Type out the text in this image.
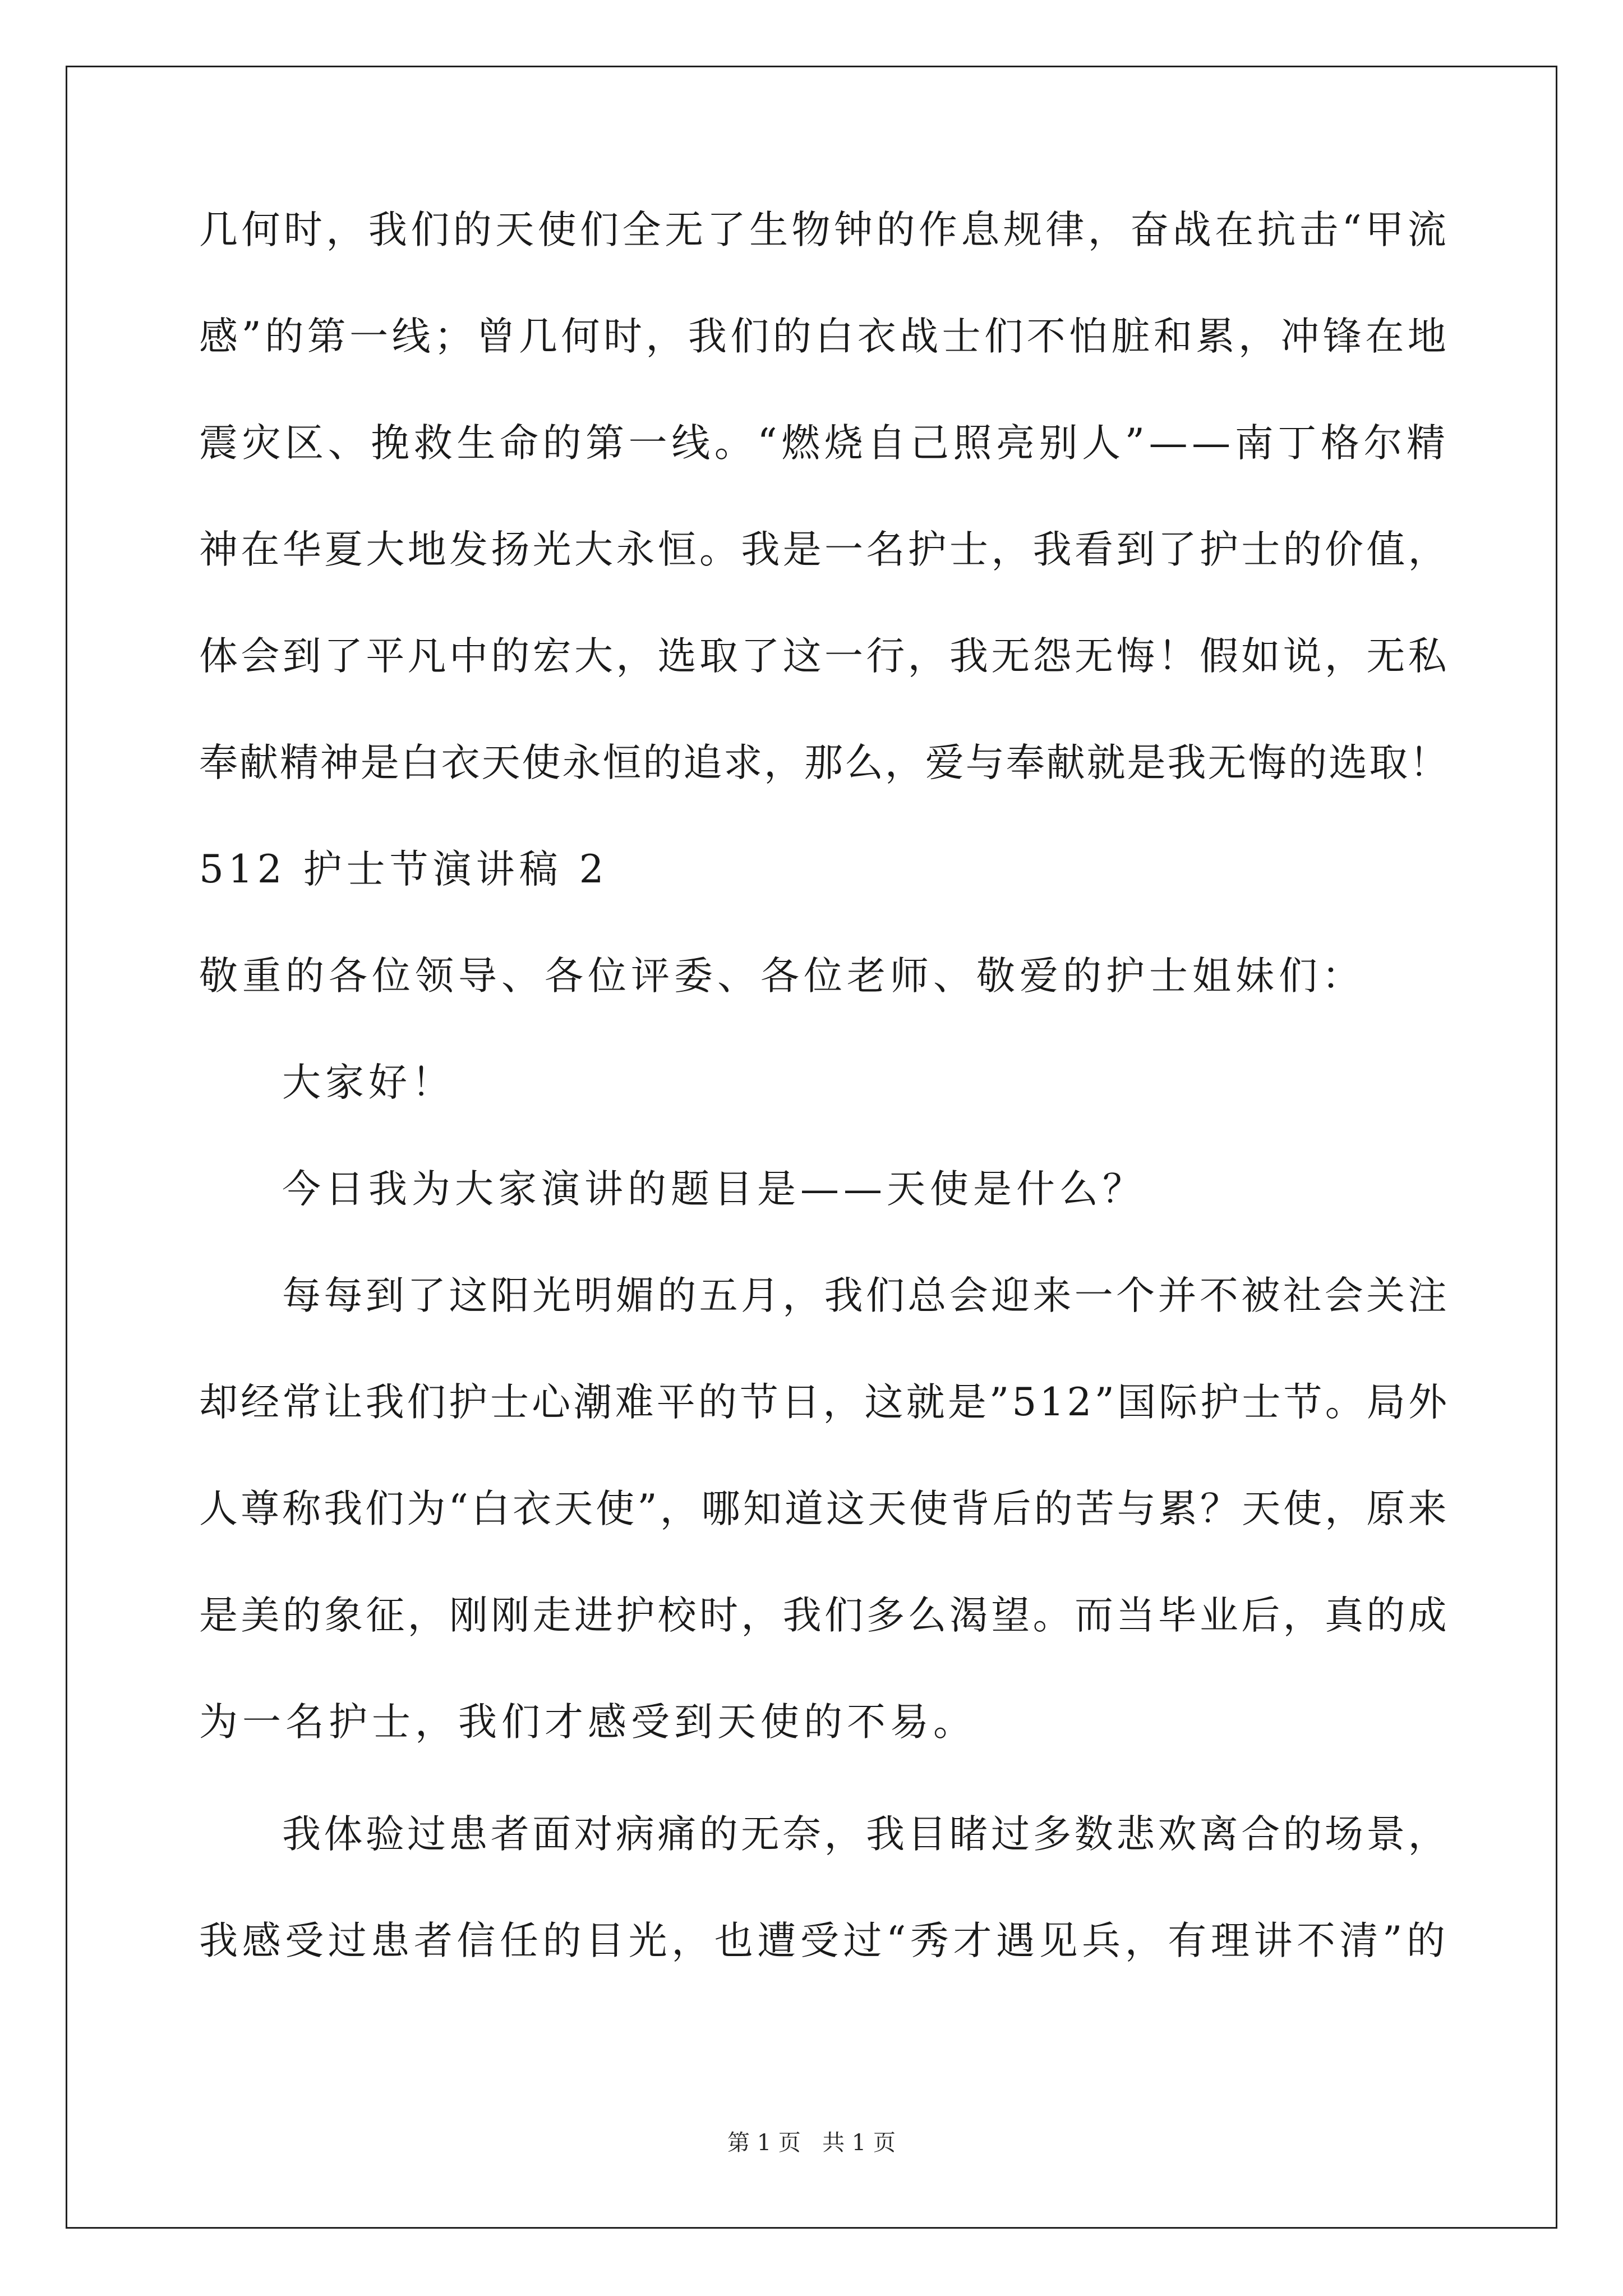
几何时，我们的天使们全无了生物钟的作息规律，奋战在抗击“甲流
感”的第一线；曾几何时，我们的白衣战士们不怕脏和累，冲锋在地
震灾区、挽救生命的第一线。“燃烧自己照亮别人”——南丁格尔精
神在华夏大地发扬光大永恒。我是一名护士，我看到了护士的价值，
体会到了平凡中的宏大，选取了这一行，我无怨无悔！假如说，无私
奉献精神是白衣天使永恒的追求，那么，爱与奉献就是我无悔的选取！
512 护士节演讲稿 2
敬重的各位领导、各位评委、各位老师、敬爱的护士姐妹们：
大家好！
今日我为大家演讲的题目是——天使是什么？
每每到了这阳光明媚的五月，我们总会迎来一个并不被社会关注
却经常让我们护士心潮难平的节日，这就是”512”国际护士节。局外
人尊称我们为“白衣天使”，哪知道这天使背后的苦与累？天使，原来
是美的象征，刚刚走进护校时，我们多么渴望。而当毕业后，真的成
为一名护士，我们才感受到天使的不易。
我体验过患者面对病痛的无奈，我目睹过多数悲欢离合的场景，
我感受过患者信任的目光，也遭受过“秀才遇见兵，有理讲不清”的
第 1 页   共 1 页
